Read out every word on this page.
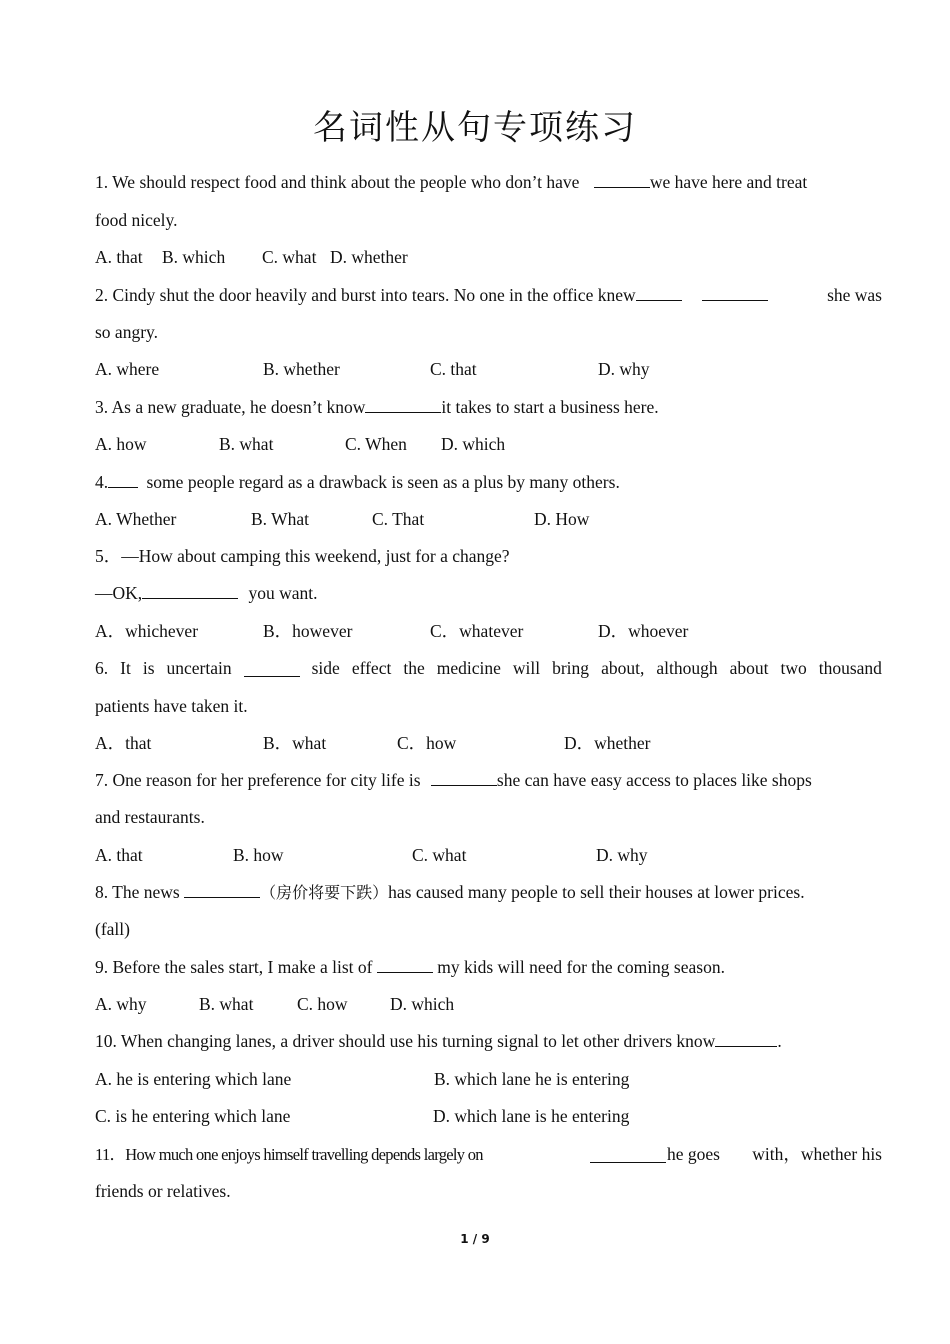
名词性从句专项练习
1. We should respect food and think about the people who don’t have	we have here and treat
food nicely.
A. that B. which C. what D. whether
2. Cindy shut the door heavily and burst into tears. No one in the office knew	she was
so angry.
A. where	B. whether	C. that	D. why
3. As a new graduate, he doesn’t know	it takes to start a business here.
A. how	B. what	C. When D. which
4. some people regard as a drawback is seen as a plus by many others.
A. Whether	B. What	C. That	D. How
5．—How about camping this weekend, just for a change?
—OK,	you want.
A．whichever	B．however	C．whatever	D．whoever
6. It is uncertain	side effect the medicine will bring about, although about two thousand
patients have taken it.
A．that	B．what	C．how	D．whether
7. One reason for her preference for city life is	she can have easy access to places like shops
and restaurants.
A. that	B. how	C. what	D. why
8. The news	（房价将要下跌）has caused many people to sell their houses at lower prices.
(fall)
9. Before the sales start, I make a list of	my kids will need for the coming season.
A. why	B. what C. how D. which
10. When changing lanes, a driver should use his turning signal to let other drivers know	.
A. he is entering which lane	B. which lane he is entering
C. is he entering which lane	D. which lane is he entering
11．How much one enjoys himself travelling depends largely on	he goes with，whether his
friends or relatives.
1 / 9
